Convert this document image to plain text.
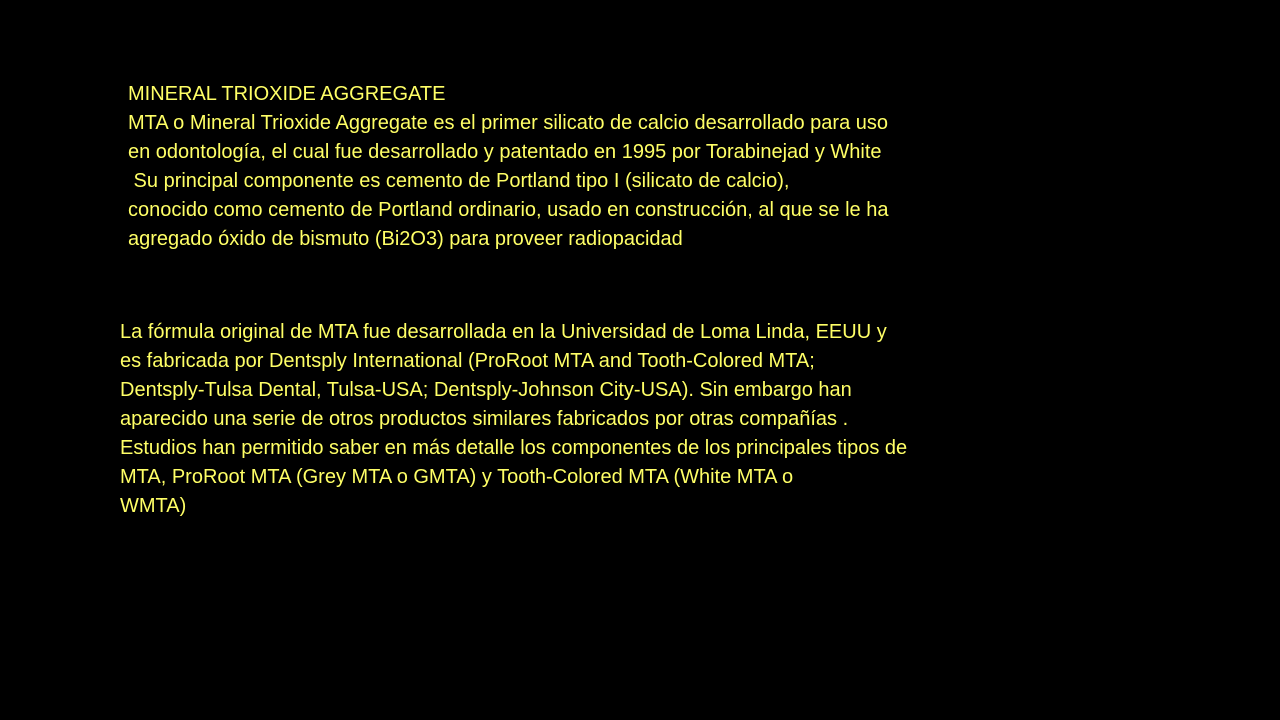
MINERAL TRIOXIDE AGGREGATE
MTA o Mineral Trioxide Aggregate es el primer silicato de calcio desarrollado para uso
en odontología, el cual fue desarrollado y patentado en 1995 por Torabinejad y White
Su principal componente es cemento de Portland tipo I (silicato de calcio),
conocido como cemento de Portland ordinario, usado en construcción, al que se le ha
agregado óxido de bismuto (Bi2O3) para proveer radiopacidad
La fórmula original de MTA fue desarrollada en la Universidad de Loma Linda, EEUU y
es fabricada por Dentsply International (ProRoot MTA and Tooth-Colored MTA;
Dentsply-Tulsa Dental, Tulsa-USA; Dentsply-Johnson City-USA). Sin embargo han
aparecido una serie de otros productos similares fabricados por otras compañías .
Estudios han permitido saber en más detalle los componentes de los principales tipos de
MTA, ProRoot MTA (Grey MTA o GMTA) y Tooth-Colored MTA (White MTA o
WMTA)
